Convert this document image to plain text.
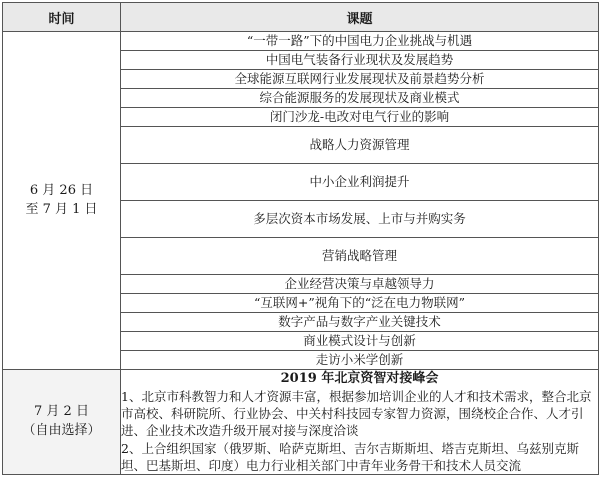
时间	课题
6 月 26 日
至 7 月 1 日	“一带一路”下的中国电力企业挑战与机遇
	中国电气装备行业现状及发展趋势
	全球能源互联网行业发展现状及前景趋势分析
	综合能源服务的发展现状及商业模式
	闭门沙龙-电改对电气行业的影响
	战略人力资源管理
	中小企业利润提升
	多层次资本市场发展、上市与并购实务
	营销战略管理
	企业经营决策与卓越领导力
	“互联网+”视角下的“泛在电力物联网”
	数字产品与数字产业关键技术
	商业模式设计与创新
	走访小米学创新
7 月 2 日
（自由选择）	2019 年北京资智对接峰会
1、北京市科教智力和人才资源丰富，根据参加培训企业的人才和技术需求，整合北京市高校、科研院所、行业协会、中关村科技园专家智力资源，围绕校企合作、人才引进、企业技术改造升级开展对接与深度洽谈
2、上合组织国家（俄罗斯、哈萨克斯坦、吉尔吉斯斯坦、塔吉克斯坦、乌兹别克斯坦、巴基斯坦、印度）电力行业相关部门中青年业务骨干和技术人员交流
